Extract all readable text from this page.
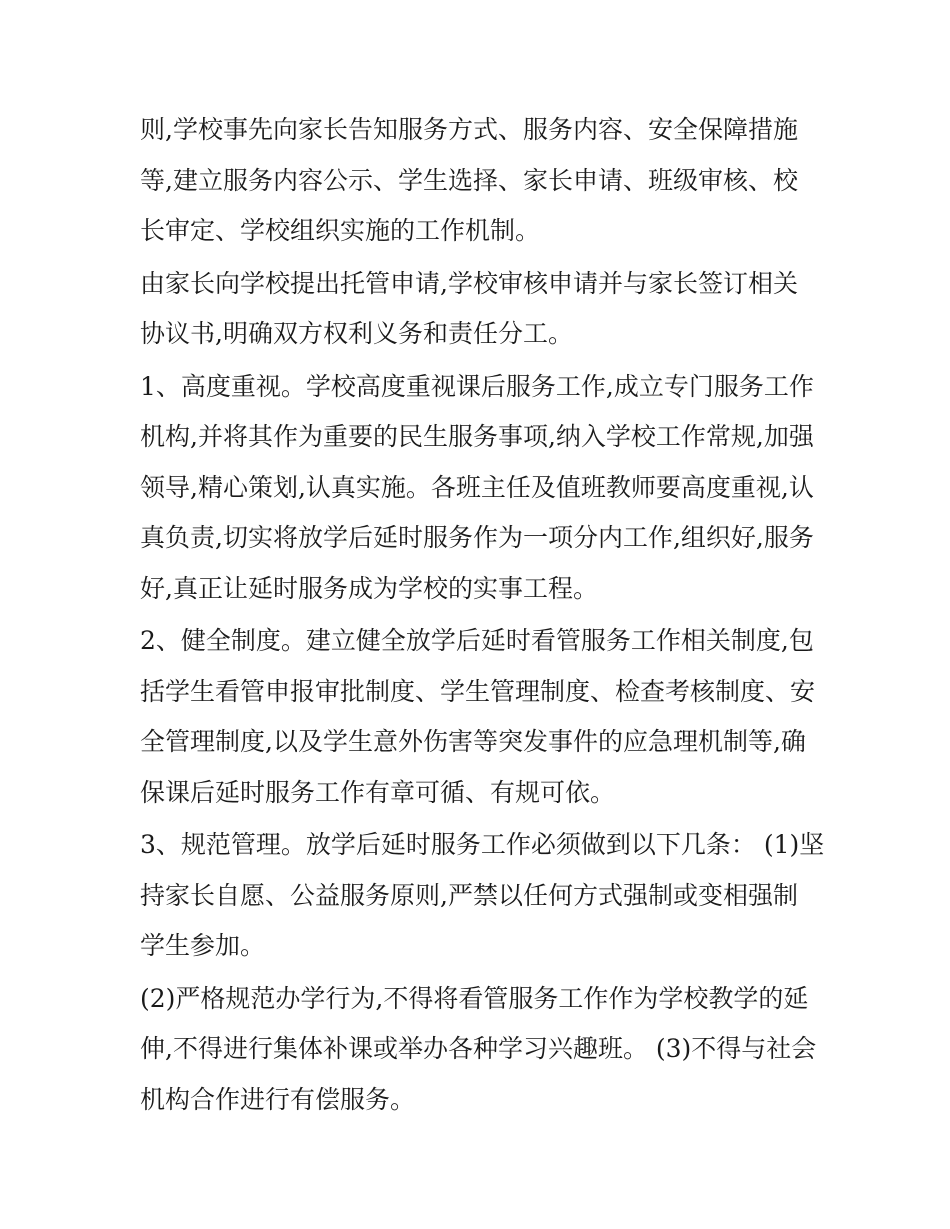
则,学校事先向家长告知服务方式、服务内容、安全保障措施
等,建立服务内容公示、学生选择、家长申请、班级审核、校
长审定、学校组织实施的工作机制。

由家长向学校提出托管申请,学校审核申请并与家长签订相关
协议书,明确双方权利义务和责任分工。

1、高度重视。学校高度重视课后服务工作,成立专门服务工作
机构,并将其作为重要的民生服务事项,纳入学校工作常规,加强
领导,精心策划,认真实施。各班主任及值班教师要高度重视,认
真负责,切实将放学后延时服务作为一项分内工作,组织好,服务
好,真正让延时服务成为学校的实事工程。

2、健全制度。建立健全放学后延时看管服务工作相关制度,包
括学生看管申报审批制度、学生管理制度、检查考核制度、安
全管理制度,以及学生意外伤害等突发事件的应急理机制等,确
保课后延时服务工作有章可循、有规可依。

3、规范管理。放学后延时服务工作必须做到以下几条： (1)坚
持家长自愿、公益服务原则,严禁以任何方式强制或变相强制
学生参加。

(2)严格规范办学行为,不得将看管服务工作作为学校教学的延
伸,不得进行集体补课或举办各种学习兴趣班。 (3)不得与社会
机构合作进行有偿服务。
